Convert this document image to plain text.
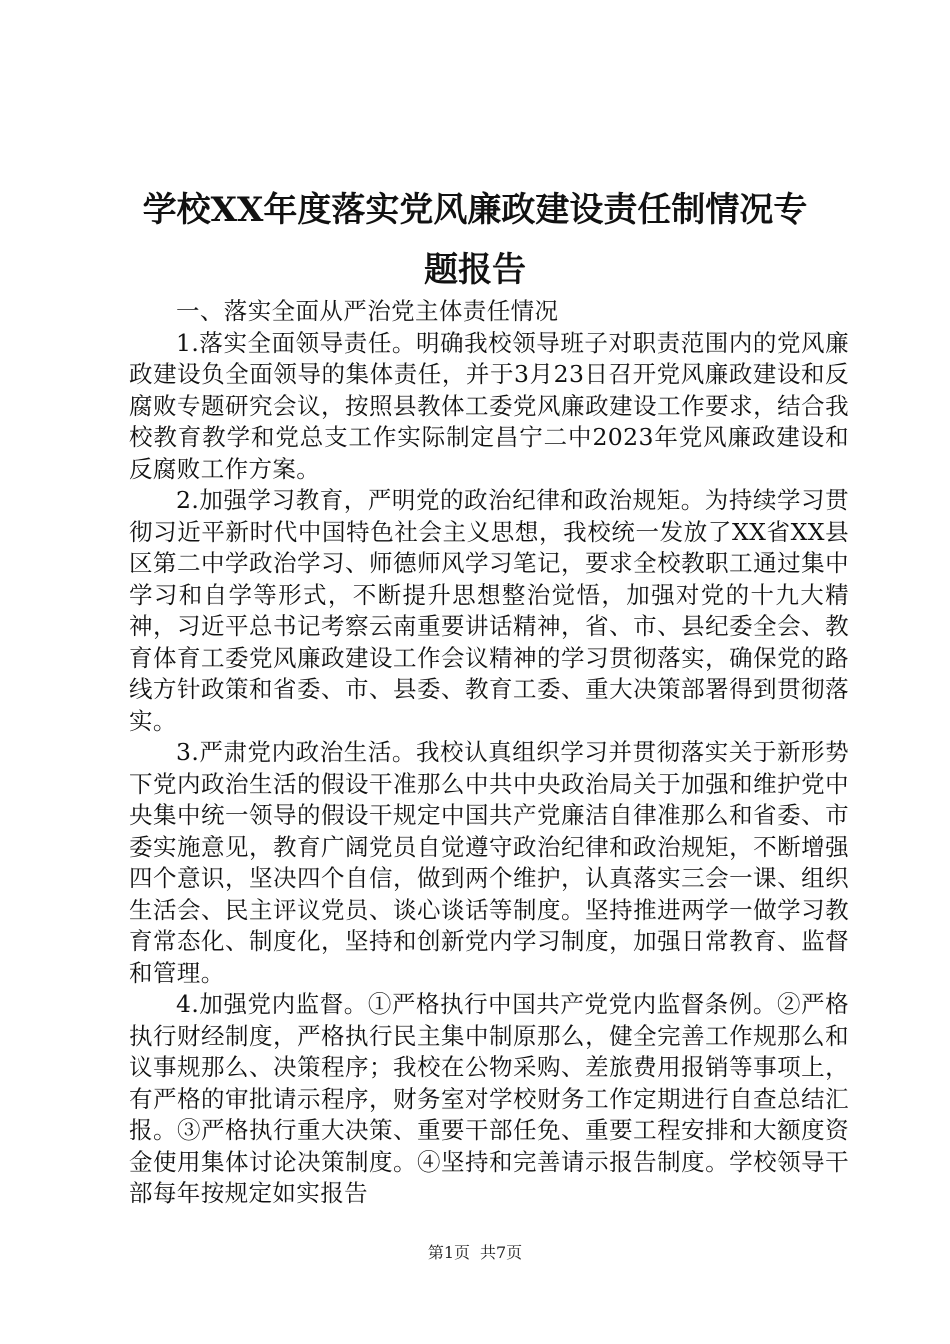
学校XX年度落实党风廉政建设责任制情况专
题报告

一、落实全面从严治党主体责任情况

1.落实全面领导责任。明确我校领导班子对职责范围内的党风廉政建设负全面领导的集体责任，并于3月23日召开党风廉政建设和反腐败专题研究会议，按照县教体工委党风廉政建设工作要求，结合我校教育教学和党总支工作实际制定昌宁二中2023年党风廉政建设和反腐败工作方案。

2.加强学习教育，严明党的政治纪律和政治规矩。为持续学习贯彻习近平新时代中国特色社会主义思想，我校统一发放了XX省XX县区第二中学政治学习、师德师风学习笔记，要求全校教职工通过集中学习和自学等形式，不断提升思想整治觉悟，加强对党的十九大精神，习近平总书记考察云南重要讲话精神，省、市、县纪委全会、教育体育工委党风廉政建设工作会议精神的学习贯彻落实，确保党的路线方针政策和省委、市、县委、教育工委、重大决策部署得到贯彻落实。

3.严肃党内政治生活。我校认真组织学习并贯彻落实关于新形势下党内政治生活的假设干准那么中共中央政治局关于加强和维护党中央集中统一领导的假设干规定中国共产党廉洁自律准那么和省委、市委实施意见，教育广阔党员自觉遵守政治纪律和政治规矩，不断增强四个意识，坚决四个自信，做到两个维护，认真落实三会一课、组织生活会、民主评议党员、谈心谈话等制度。坚持推进两学一做学习教育常态化、制度化，坚持和创新党内学习制度，加强日常教育、监督和管理。

4.加强党内监督。①严格执行中国共产党党内监督条例。②严格执行财经制度，严格执行民主集中制原那么，健全完善工作规那么和议事规那么、决策程序；我校在公物采购、差旅费用报销等事项上，有严格的审批请示程序，财务室对学校财务工作定期进行自查总结汇报。③严格执行重大决策、重要干部任免、重要工程安排和大额度资金使用集体讨论决策制度。④坚持和完善请示报告制度。学校领导干部每年按规定如实报告

第1页 共7页
